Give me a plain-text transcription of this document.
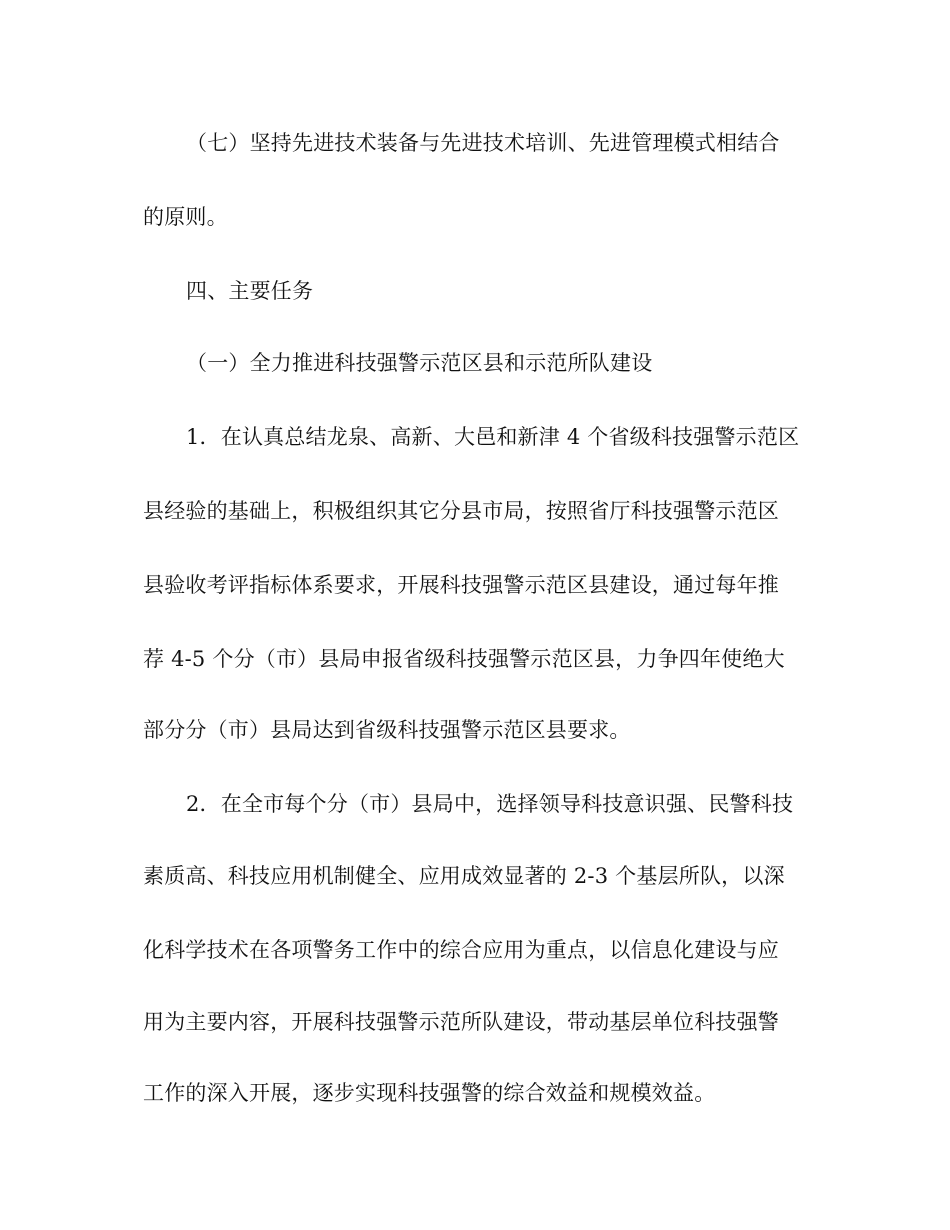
（七）坚持先进技术装备与先进技术培训、先进管理模式相结合
的原则。
四、主要任务
（一）全力推进科技强警示范区县和示范所队建设
1．在认真总结龙泉、高新、大邑和新津 4 个省级科技强警示范区
县经验的基础上，积极组织其它分县市局，按照省厅科技强警示范区
县验收考评指标体系要求，开展科技强警示范区县建设，通过每年推
荐 4-5 个分（市）县局申报省级科技强警示范区县，力争四年使绝大
部分分（市）县局达到省级科技强警示范区县要求。
2．在全市每个分（市）县局中，选择领导科技意识强、民警科技
素质高、科技应用机制健全、应用成效显著的 2-3 个基层所队，以深
化科学技术在各项警务工作中的综合应用为重点，以信息化建设与应
用为主要内容，开展科技强警示范所队建设，带动基层单位科技强警
工作的深入开展，逐步实现科技强警的综合效益和规模效益。
